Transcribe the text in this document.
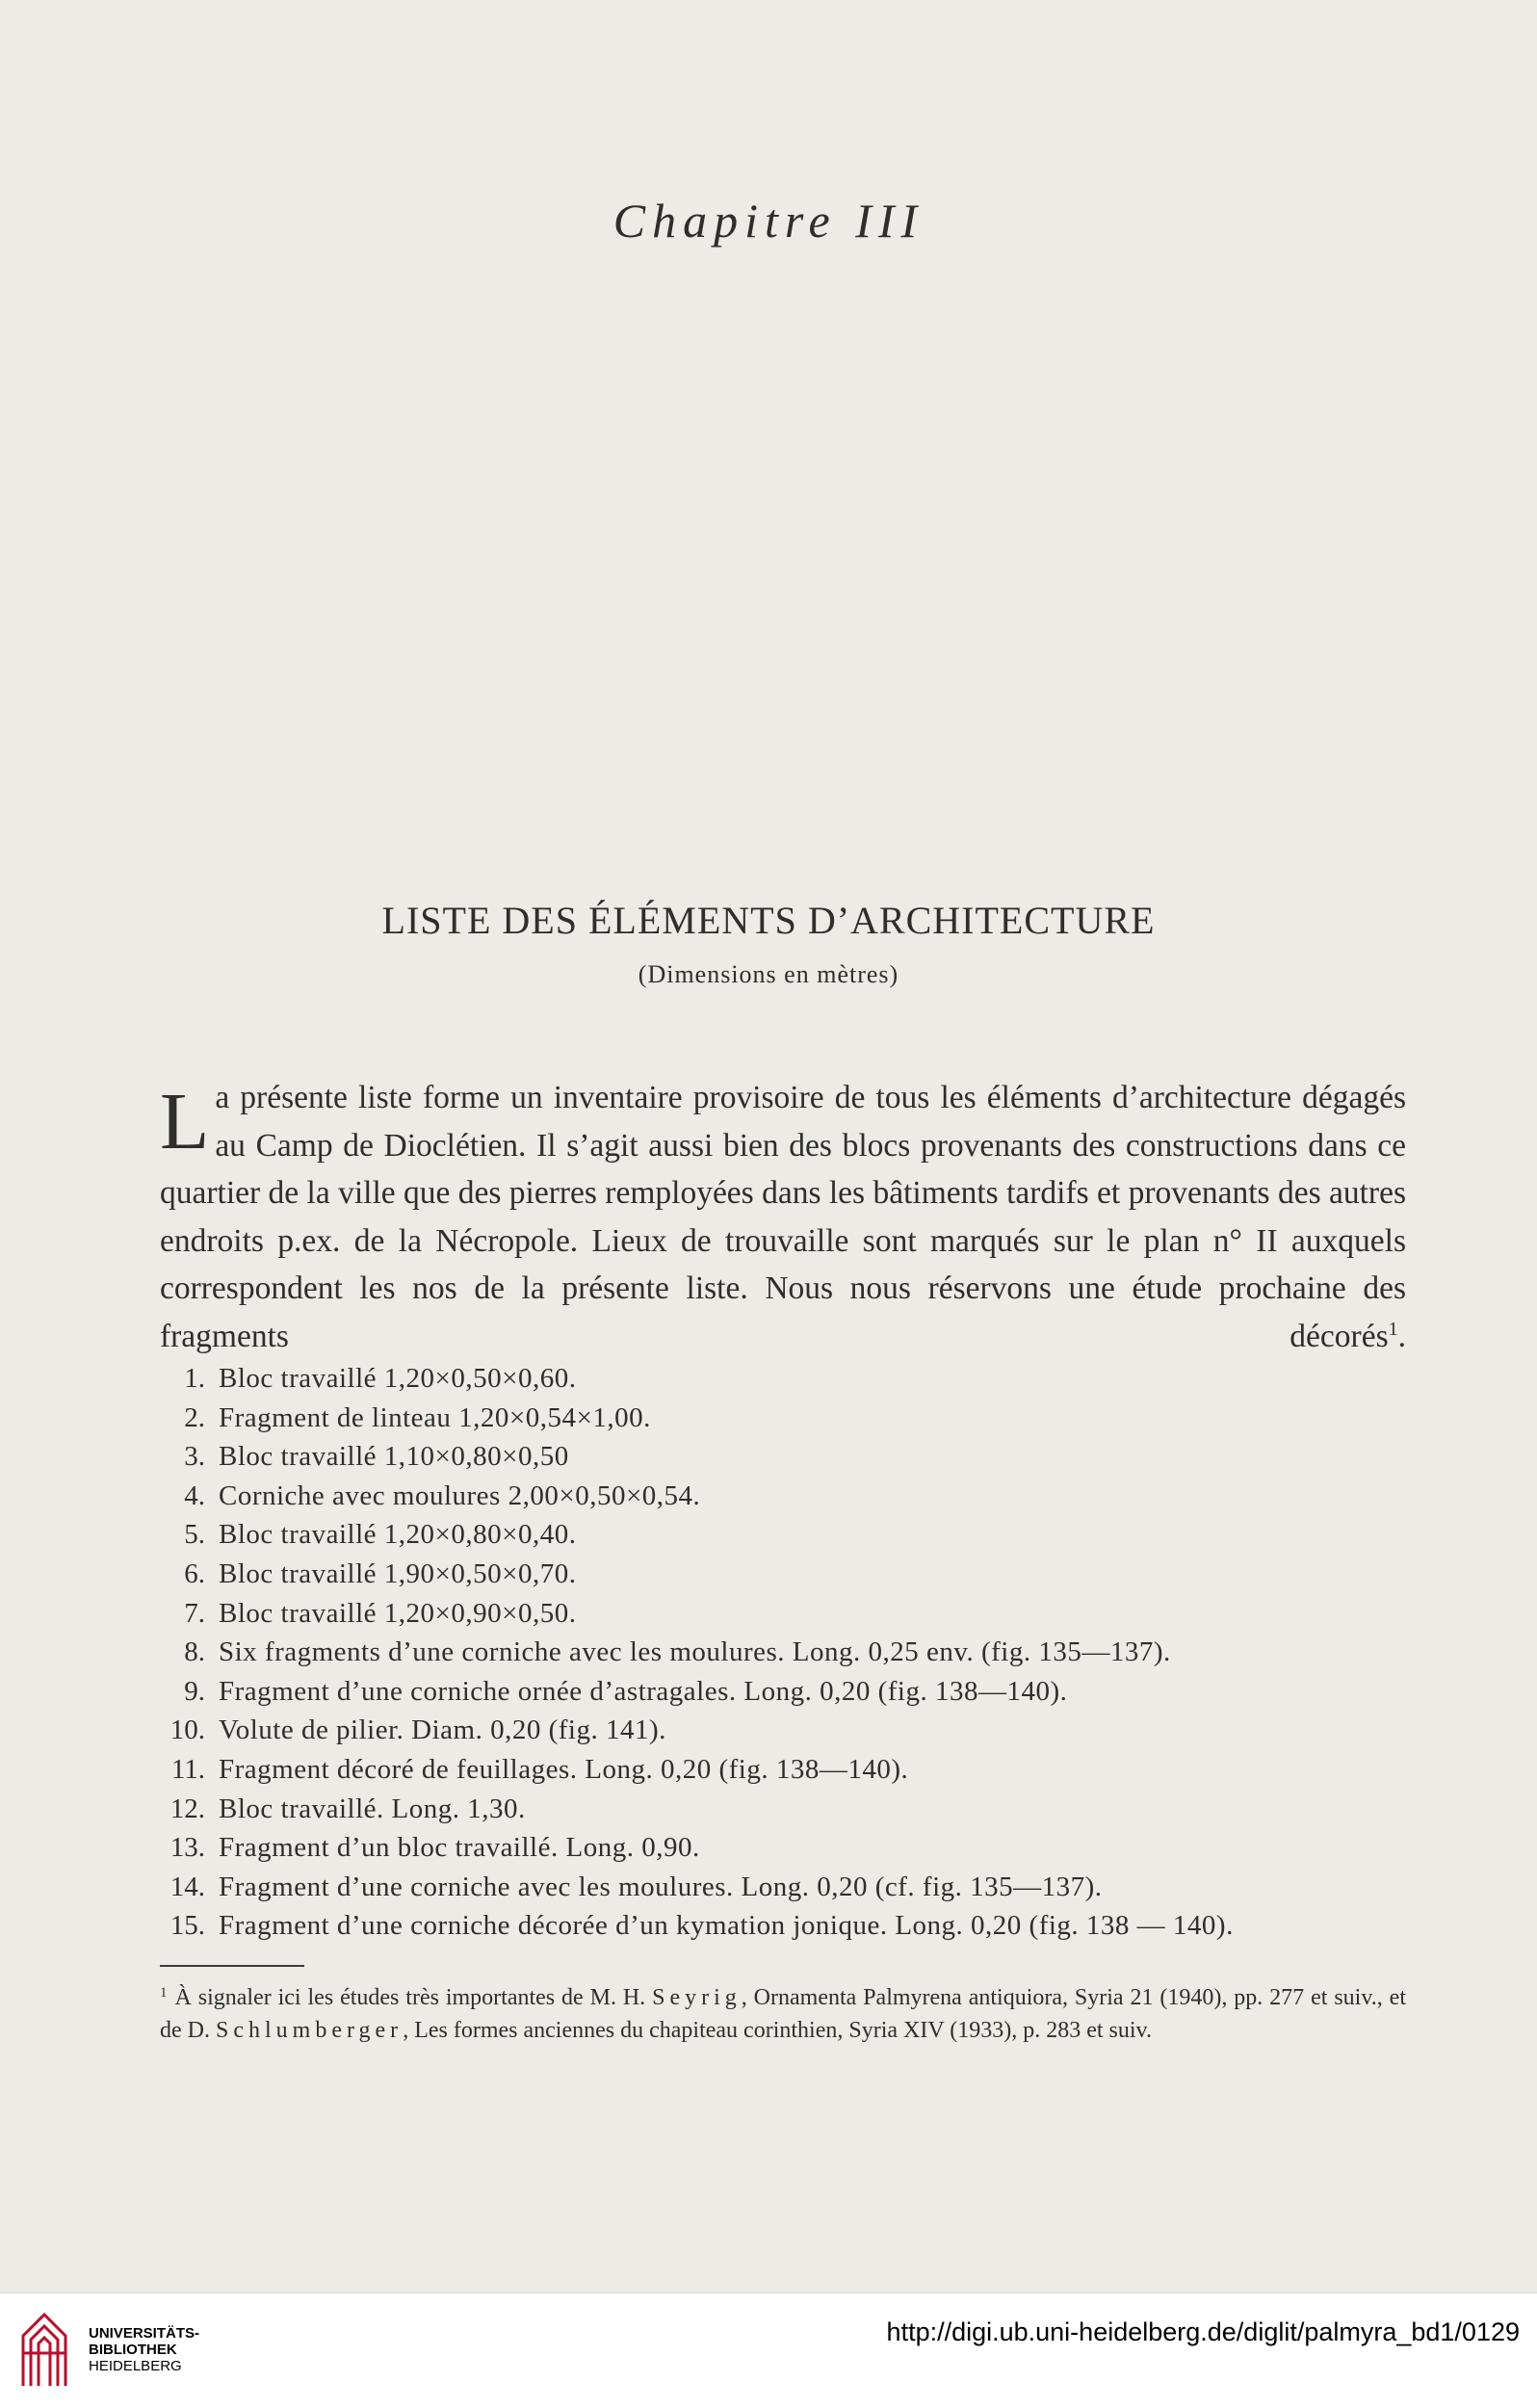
Chapitre III
LISTE DES ÉLÉMENTS D’ARCHITECTURE
(Dimensions en mètres)

La présente liste forme un inventaire provisoire de tous les éléments d’architecture dégagés au Camp de Dioclétien. Il s’agit aussi bien des blocs provenants des constructions dans ce quartier de la ville que des pierres remployées dans les bâtiments tardifs et provenants des autres endroits p.ex. de la Nécropole. Lieux de trouvaille sont marqués sur le plan n° II auxquels correspondent les nos de la présente liste. Nous nous réservons une étude prochaine des fragments décorés$^1$.

1. Bloc travaillé 1,20×0,50×0,60.
2. Fragment de linteau 1,20×0,54×1,00.
3. Bloc travaillé 1,10×0,80×0,50
4. Corniche avec moulures 2,00×0,50×0,54.
5. Bloc travaillé 1,20×0,80×0,40.
6. Bloc travaillé 1,90×0,50×0,70.
7. Bloc travaillé 1,20×0,90×0,50.
8. Six fragments d’une corniche avec les moulures. Long. 0,25 env. (fig. 135—137).
9. Fragment d’une corniche ornée d’astragales. Long. 0,20 (fig. 138—140).
10. Volute de pilier. Diam. 0,20 (fig. 141).
11. Fragment décoré de feuillages. Long. 0,20 (fig. 138—140).
12. Bloc travaillé. Long. 1,30.
13. Fragment d’un bloc travaillé. Long. 0,90.
14. Fragment d’une corniche avec les moulures. Long. 0,20 (cf. fig. 135—137).
15. Fragment d’une corniche décorée d’un kymation jonique. Long. 0,20 (fig. 138 — 140).

$^1$ À signaler ici les études très importantes de M. H. Seyrig, Ornamenta Palmyrena antiquiora, Syria 21 (1940), pp. 277 et suiv., et de D. Schlumberger, Les formes anciennes du chapiteau corinthien, Syria XIV (1933), p. 283 et suiv.

UNIVERSITÄTS-
BIBLIOTHEK
HEIDELBERG
http://digi.ub.uni-heidelberg.de/diglit/palmyra_bd1/0129
